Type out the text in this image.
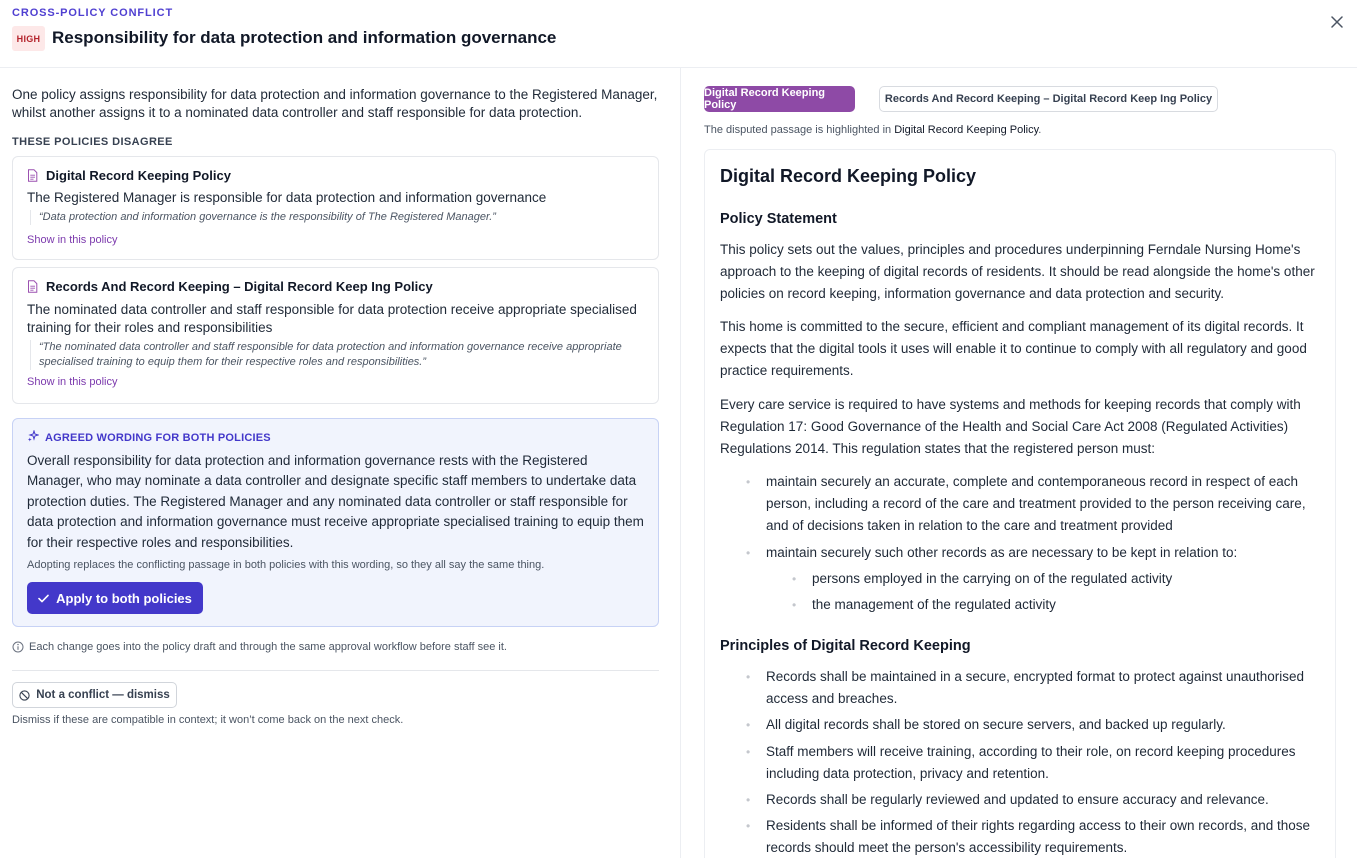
CROSS-POLICY CONFLICT
HIGH Responsibility for data protection and information governance
One policy assigns responsibility for data protection and information governance to the Registered Manager, whilst another assigns it to a nominated data controller and staff responsible for data protection.
THESE POLICIES DISAGREE
Digital Record Keeping Policy
The Registered Manager is responsible for data protection and information governance
“Data protection and information governance is the responsibility of The Registered Manager.”
Show in this policy
Records And Record Keeping – Digital Record Keep Ing Policy
The nominated data controller and staff responsible for data protection receive appropriate specialised training for their roles and responsibilities
“The nominated data controller and staff responsible for data protection and information governance receive appropriate specialised training to equip them for their respective roles and responsibilities.”
Show in this policy
AGREED WORDING FOR BOTH POLICIES
Overall responsibility for data protection and information governance rests with the Registered Manager, who may nominate a data controller and designate specific staff members to undertake data protection duties. The Registered Manager and any nominated data controller or staff responsible for data protection and information governance must receive appropriate specialised training to equip them for their respective roles and responsibilities.
Adopting replaces the conflicting passage in both policies with this wording, so they all say the same thing.
Apply to both policies
Each change goes into the policy draft and through the same approval workflow before staff see it.
Not a conflict — dismiss
Dismiss if these are compatible in context; it won’t come back on the next check.
Digital Record Keeping Policy	Records And Record Keeping – Digital Record Keep Ing Policy
The disputed passage is highlighted in Digital Record Keeping Policy.
Digital Record Keeping Policy
Policy Statement
This policy sets out the values, principles and procedures underpinning Ferndale Nursing Home's approach to the keeping of digital records of residents. It should be read alongside the home's other policies on record keeping, information governance and data protection and security.
This home is committed to the secure, efficient and compliant management of its digital records. It expects that the digital tools it uses will enable it to continue to comply with all regulatory and good practice requirements.
Every care service is required to have systems and methods for keeping records that comply with Regulation 17: Good Governance of the Health and Social Care Act 2008 (Regulated Activities) Regulations 2014. This regulation states that the registered person must:
• maintain securely an accurate, complete and contemporaneous record in respect of each person, including a record of the care and treatment provided to the person receiving care, and of decisions taken in relation to the care and treatment provided
• maintain securely such other records as are necessary to be kept in relation to:
• persons employed in the carrying on of the regulated activity
• the management of the regulated activity
Principles of Digital Record Keeping
• Records shall be maintained in a secure, encrypted format to protect against unauthorised access and breaches.
• All digital records shall be stored on secure servers, and backed up regularly.
• Staff members will receive training, according to their role, on record keeping procedures including data protection, privacy and retention.
• Records shall be regularly reviewed and updated to ensure accuracy and relevance.
• Residents shall be informed of their rights regarding access to their own records, and those records should meet the person's accessibility requirements.
